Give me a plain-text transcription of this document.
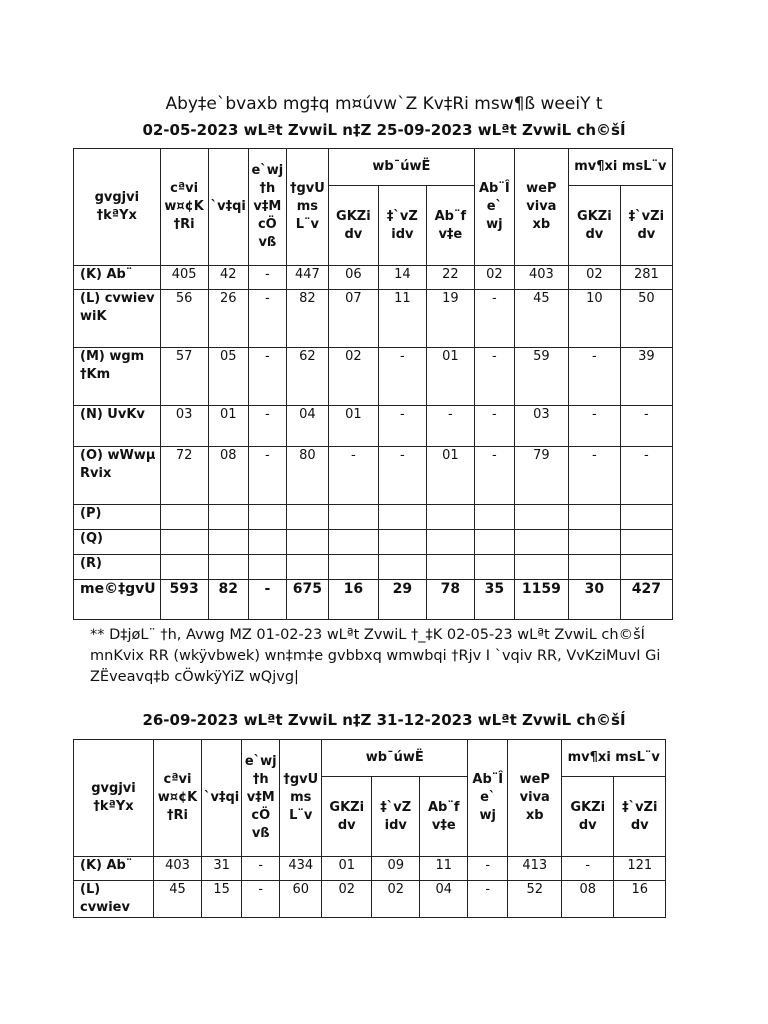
Aby‡e`bvaxb mg‡q m¤úvw`Z Kv‡Ri msw¶ß weeiY t
02-05-2023 wLªt ZvwiL n‡Z 25-09-2023 wLªt ZvwiL ch©šÍ
gvgjvi †kªYx	cªvi w¤¢K †Ri	`v‡qi	e`wj †h v‡M cÖ vß	†gvU ms L¨v	wb¯úwË			Ab¨Î e` wj	weP viva xb	mv¶xi msL¨v	
					GKZi dv	‡`vZ idv	Ab¨f v‡e			GKZi dv	‡`vZi dv
(K) Ab¨	405	42	-	447	06	14	22	02	403	02	281
(L) cvwiev wiK	56	26	-	82	07	11	19	-	45	10	50
(M) wgm †Km	57	05	-	62	02	-	01	-	59	-	39
(N) UvKv	03	01	-	04	01	-	-	-	03	-	-
(O) wWwµ Rvix	72	08	-	80	-	-	01	-	79	-	-
(P)											
(Q)											
(R)											
me©‡gvU	593	82	-	675	16	29	78	35	1159	30	427
** D‡jøL¨ †h, Avwg MZ 01-02-23 wLªt ZvwiL †_‡K 02-05-23 wLªt ZvwiL ch©šÍ mnKvix RR (wkÿvbwek) wn‡m‡e gvbbxq wmwbqi †Rjv I `vqiv RR, VvKziMuvI Gi ZËveavq‡b cÖwkÿYiZ wQjvg|
26-09-2023 wLªt ZvwiL n‡Z 31-12-2023 wLªt ZvwiL ch©šÍ
gvgjvi †kªYx	cªvi w¤¢K †Ri	`v‡qi	e`wj †h v‡M cÖ vß	†gvU ms L¨v	wb¯úwË			Ab¨Î e` wj	weP viva xb	mv¶xi msL¨v	
					GKZi dv	‡`vZ idv	Ab¨f v‡e			GKZi dv	‡`vZi dv
(K) Ab¨	403	31	-	434	01	09	11	-	413	-	121
(L) cvwiev	45	15	-	60	02	02	04	-	52	08	16
